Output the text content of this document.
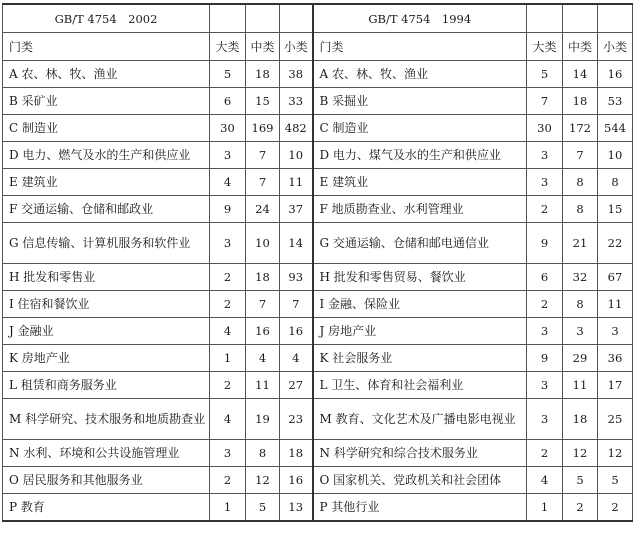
GB/T 4754　2002				GB/T 4754　1994			
门类	大类	中类	小类	门类	大类	中类	小类
A 农、林、牧、渔业	5	18	38	A 农、林、牧、渔业	5	14	16
B 采矿业	6	15	33	B 采掘业	7	18	53
C 制造业	30	169	482	C 制造业	30	172	544
D 电力、燃气及水的生产和供应业	3	7	10	D 电力、煤气及水的生产和供应业	3	7	10
E 建筑业	4	7	11	E 建筑业	3	8	8
F 交通运输、仓储和邮政业	9	24	37	F 地质勘查业、水利管理业	2	8	15
G 信息传输、计算机服务和软件业	3	10	14	G 交通运输、仓储和邮电通信业	9	21	22
H 批发和零售业	2	18	93	H 批发和零售贸易、餐饮业	6	32	67
I 住宿和餐饮业	2	7	7	I 金融、保险业	2	8	11
J 金融业	4	16	16	J 房地产业	3	3	3
K 房地产业	1	4	4	K 社会服务业	9	29	36
L 租赁和商务服务业	2	11	27	L 卫生、体育和社会福利业	3	11	17
M 科学研究、技术服务和地质勘查业	4	19	23	M 教育、文化艺术及广播电影电视业	3	18	25
N 水利、环境和公共设施管理业	3	8	18	N 科学研究和综合技术服务业	2	12	12
O 居民服务和其他服务业	2	12	16	O 国家机关、党政机关和社会团体	4	5	5
P 教育	1	5	13	P 其他行业	1	2	2
